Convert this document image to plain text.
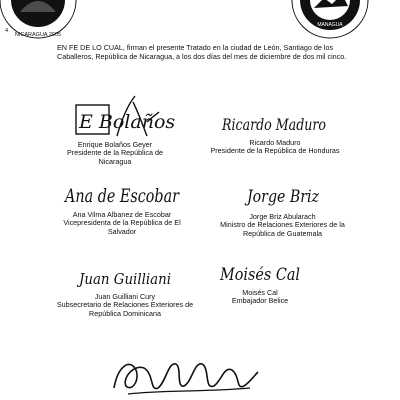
NICARAGUA 2005
4
MANAGUA

EN FE DE LO CUAL, firman el presente Tratado en la ciudad de León, Santiago de los Caballeros, República de Nicaragua, a los dos días del mes de diciembre de dos mil cinco.

E Bolaños
Enrique Bolaños Geyer
Presidente de la República de Nicaragua
Ricardo Maduro
Ricardo Maduro
Presidente de la República de Honduras
Ana de Escobar
Ana Vilma Albanez de Escobar
Vicepresidenta de la República de El Salvador
Jorge Briz
Jorge Briz Abularach
Ministro de Relaciones Exteriores de la República de Guatemala
Juan Guilliani
Juan Guilliani Cury
Subsecretario de Relaciones Exteriores de República Dominicana
Moisés Cal
Moisés Cal
Embajador Belice
